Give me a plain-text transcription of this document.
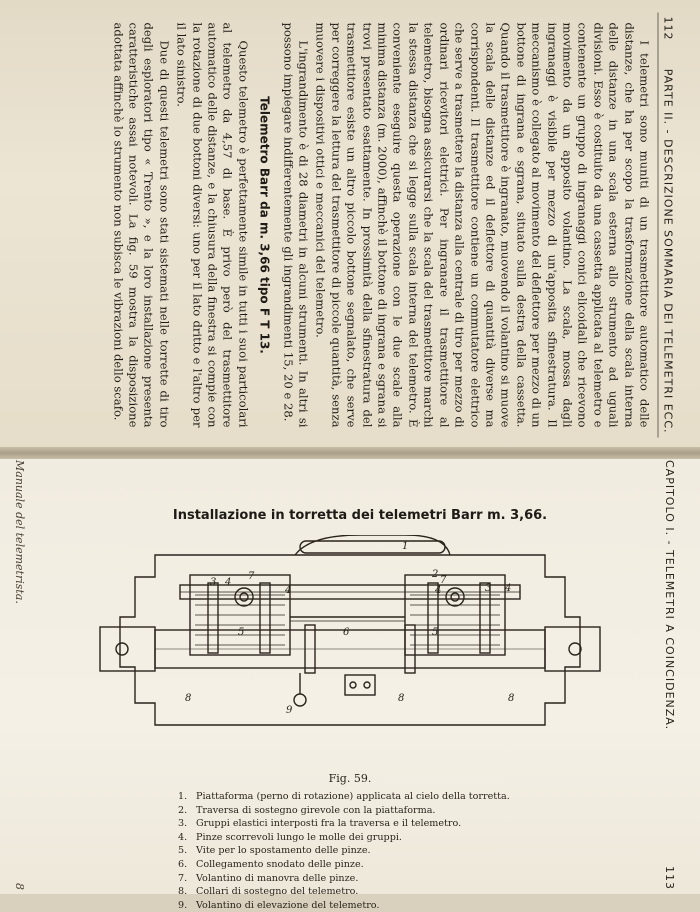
112
PARTE II. - DESCRIZIONE SOMMARIA DEI TELEMETRI ECC.

I telemetri sono muniti di un trasmettitore automatico delle distanze, che ha per scopo la trasformazione della scala interna delle distanze in una scala esterna allo strumento ad uguali divisioni. Esso è costituito da una cassetta applicata al telemetro e contenente un gruppo di ingranaggi conici elicoidali che ricevono movimento da un apposito volantino. La scala, mossa dagli ingranaggi è visibile per mezzo di un'apposita sfinestratura. Il meccanismo è collegato al movimento del deflettore per mezzo di un bottone di ingrana e sgrana, situato sulla destra della cassetta. Quando il trasmettitore è ingranato, muovendo il volantino si muove la scala delle distanze ed il deflettore di quantità diverse ma corrispondenti. Il trasmettitore contiene un commutatore elettrico che serve a trasmettere la distanza alla centrale di tiro per mezzo di ordinari ricevitori elettrici. Per ingranare il trasmettitore al telemetro, bisogna assicurarsi che la scala del trasmettitore marchi la stessa distanza che si legge sulla scala interna del telemetro. È conveniente eseguire questa operazione con le due scale alla minima distanza (m. 2000), affinchè il bottone di ingrana e sgrana si trovi presentato esattamente. In prossimità della sfinestratura del trasmettitore esiste un altro piccolo bottone segnalato, che serve per correggere la lettura del trasmettitore di piccole quantità, senza muovere i dispositivi ottici e meccanici del telemetro.

L'ingrandimento è di 28 diametri in alcuni strumenti. In altri si possono impiegare indifferentemente gli ingrandimenti 15, 20 e 28.

Telemetro Barr da m. 3,66 tipo F T 13.

Questo telemetro è perfettamente simile in tutti i suoi particolari al telemetro da 4,57 di base. È privo però del trasmettitore automatico delle distanze, e la chiusura della finestra si compie con la rotazione di due bottoni diversi: uno per il lato dritto e l'altro per il lato sinistro.

Due di questi telemetri sono stati sistemati nelle torrette di tiro degli esploratori tipo « Trento », e la loro installazione presenta caratteristiche assai notevoli. La fig. 59 mostra la disposizione adottata affinchè lo strumento non subisca le vibrazioni dello scafo.

CAPITOLO I. - TELEMETRI A COINCIDENZA.
113
Manuale del telemetrista.
8
Installazione in torretta dei telemetri Barr m. 3,66.
1
2
3 4
7
4
5	6
7
4
5
3 4
8	8
9
8
Fig. 59.
1. Piattaforma (perno di rotazione) applicata al cielo della torretta.
2. Traversa di sostegno girevole con la piattaforma.
3. Gruppi elastici interposti fra la traversa e il telemetro.
4. Pinze scorrevoli lungo le molle dei gruppi.
5. Vite per lo spostamento delle pinze.
6. Collegamento snodato delle pinze.
7. Volantino di manovra delle pinze.
8. Collari di sostegno del telemetro.
9. Volantino di elevazione del telemetro.
